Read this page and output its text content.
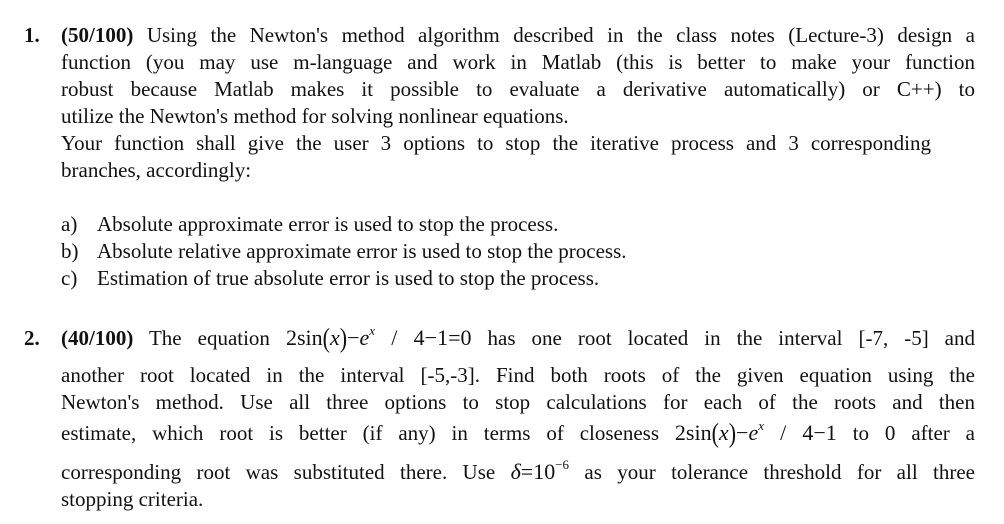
1. (50/100) Using the Newton's method algorithm described in the class notes (Lecture-3) design a
function (you may use m-language and work in Matlab (this is better to make your function
robust because Matlab makes it possible to evaluate a derivative automatically) or C++) to
utilize the Newton's method for solving nonlinear equations.
Your function shall give the user 3 options to stop the iterative process and 3 corresponding
branches, accordingly:
a) Absolute approximate error is used to stop the process.
b) Absolute relative approximate error is used to stop the process.
c) Estimation of true absolute error is used to stop the process.
2. (40/100) The equation $2\sin(x)-e^x / 4-1=0$ has one root located in the interval [-7, -5] and
another root located in the interval [-5,-3]. Find both roots of the given equation using the
Newton's method. Use all three options to stop calculations for each of the roots and then
estimate, which root is better (if any) in terms of closeness $2\sin(x)-e^x / 4-1$ to 0 after a
corresponding root was substituted there. Use $\delta=10^{-6}$ as your tolerance threshold for all three
stopping criteria.
